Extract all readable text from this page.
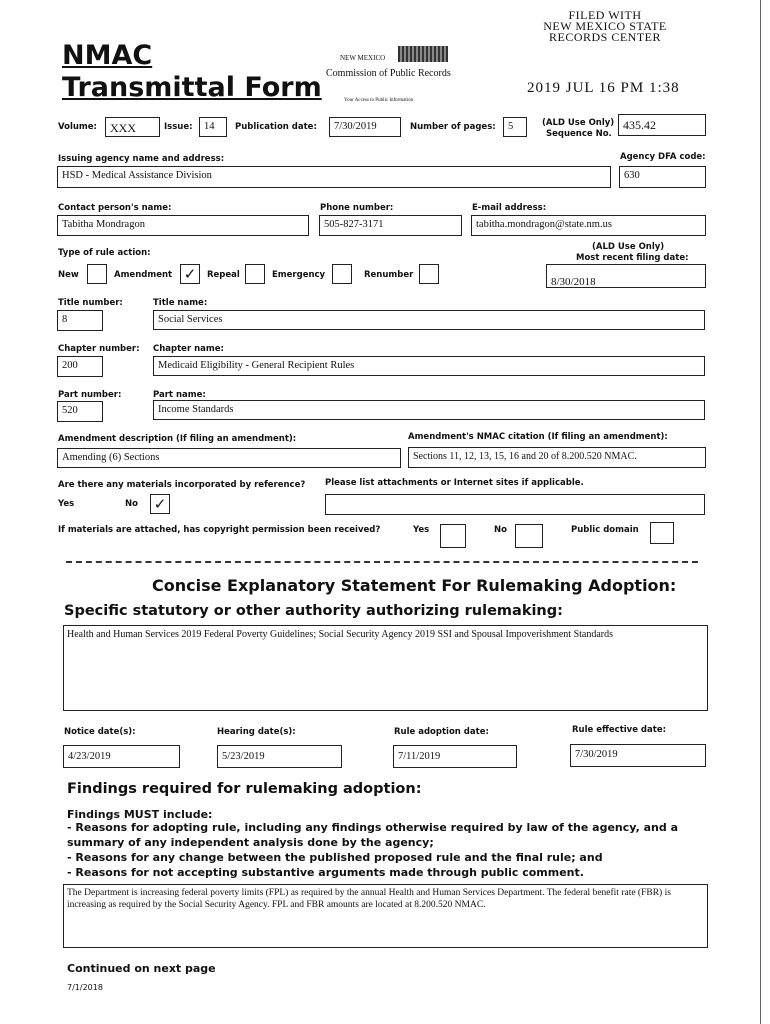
NMAC
Transmittal Form
NEW MEXICO
Commission of Public Records
Your Access to Public Information
FILED WITH
NEW MEXICO STATE
RECORDS CENTER
2019 JUL 16 PM 1:38
Volume:	XXX	Issue:	14	Publication date:	7/30/2019	Number of pages:	5	(ALD Use Only)
Sequence No.
435.42
Issuing agency name and address:	Agency DFA code:
HSD - Medical Assistance Division	630
Contact person's name:	Phone number:	E-mail address:
Tabitha Mondragon	505-827-3171	tabitha.mondragon@state.nm.us
Type of rule action:
(ALD Use Only)
Most recent filing date:
New	Amendment ✓	Repeal	Emergency	Renumber
8/30/2018
Title number:	Title name:
8	Social Services
Chapter number: Chapter name:
200	Medicaid Eligibility - General Recipient Rules
Part number:	Part name:
520	Income Standards
Amendment description (If filing an amendment):	Amendment's NMAC citation (If filing an amendment):
Amending (6) Sections	Sections 11, 12, 13, 15, 16 and 20 of 8.200.520 NMAC.
Are there any materials incorporated by reference? Please list attachments or Internet sites if applicable.
Yes	No ✓
If materials are attached, has copyright permission been received?	Yes	No	Public domain
Concise Explanatory Statement For Rulemaking Adoption:
Specific statutory or other authority authorizing rulemaking:
Health and Human Services 2019 Federal Poverty Guidelines; Social Security Agency 2019 SSI and Spousal Impoverishment Standards
Notice date(s):	Hearing date(s):	Rule adoption date:	Rule effective date:
4/23/2019	5/23/2019	7/11/2019	7/30/2019
Findings required for rulemaking adoption:
Findings MUST include:
- Reasons for adopting rule, including any findings otherwise required by law of the agency, and a
summary of any independent analysis done by the agency;
- Reasons for any change between the published proposed rule and the final rule; and
- Reasons for not accepting substantive arguments made through public comment.
The Department is increasing federal poverty limits (FPL) as required by the annual Health and Human Services Department. The federal benefit rate (FBR) is increasing as required by the Social Security Agency. FPL and FBR amounts are located at 8.200.520 NMAC.
Continued on next page
7/1/2018
